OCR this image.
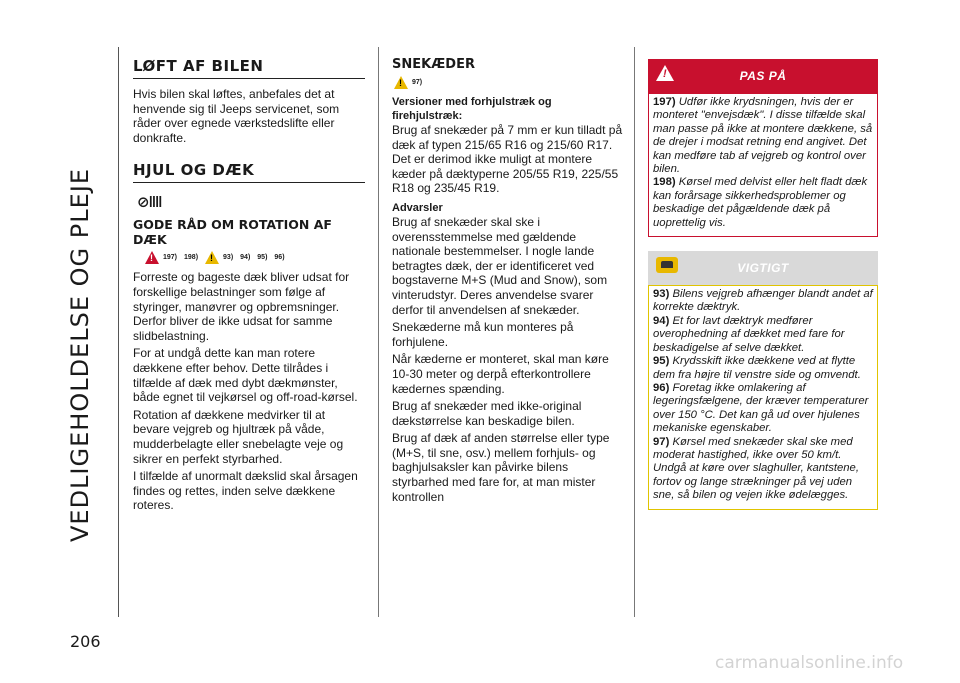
VEDLIGEHOLDELSE OG PLEJE
206
LØFT AF BILEN

Hvis bilen skal løftes, anbefales det at henvende sig til Jeeps servicenet, som råder over egnede værkstedslifte eller donkrafte.

HJUL OG DÆK
⊘ǁǁ
GODE RÅD OM ROTATION AF DÆK
!
197) 198)
!	93) 94) 95) 96)

Forreste og bageste dæk bliver udsat for forskellige belastninger som følge af styringer, manøvrer og opbremsninger. Derfor bliver de ikke udsat for samme slidbelastning.

For at undgå dette kan man rotere dækkene efter behov. Dette tilrådes i tilfælde af dæk med dybt dækmønster, både egnet til vejkørsel og off-road-kørsel.

Rotation af dækkene medvirker til at bevare vejgreb og hjultræk på våde, mudderbelagte eller snebelagte veje og sikrer en perfekt styrbarhed.

I tilfælde af unormalt dækslid skal årsagen findes og rettes, inden selve dækkene roteres.

SNEKÆDER
!
97)

Versioner med forhjulstræk og firehjulstræk:

Brug af snekæder på 7 mm er kun tilladt på dæk af typen 215/65 R16 og 215/60 R17. Det er derimod ikke muligt at montere kæder på dæktyperne 205/55 R19, 225/55 R18 og 235/45 R19.

Advarsler

Brug af snekæder skal ske i overensstemmelse med gældende nationale bestemmelser. I nogle lande betragtes dæk, der er identificeret ved bogstaverne M+S (Mud and Snow), som vinterudstyr. Deres anvendelse svarer derfor til anvendelsen af snekæder.

Snekæderne må kun monteres på forhjulene.

Når kæderne er monteret, skal man køre 10-30 meter og derpå efterkontrollere kædernes spænding.

Brug af snekæder med ikke-original dækstørrelse kan beskadige bilen.

Brug af dæk af anden størrelse eller type (M+S, til sne, osv.) mellem forhjuls- og baghjulsaksler kan påvirke bilens styrbarhed med fare for, at man mister kontrollen

!
PAS PÅ

197) Udfør ikke krydsningen, hvis der er monteret "envejsdæk". I disse tilfælde skal man passe på ikke at montere dækkene, så de drejer i modsat retning end angivet. Det kan medføre tab af vejgreb og kontrol over bilen.

198) Kørsel med delvist eller helt fladt dæk kan forårsage sikkerhedsproblemer og beskadige det pågældende dæk på uoprettelig vis.

VIGTIGT

93) Bilens vejgreb afhænger blandt andet af korrekte dæktryk.

94) Et for lavt dæktryk medfører overophedning af dækket med fare for beskadigelse af selve dækket.

95) Krydsskift ikke dækkene ved at flytte dem fra højre til venstre side og omvendt.

96) Foretag ikke omlakering af legeringsfælgene, der kræver temperaturer over 150 °C. Det kan gå ud over hjulenes mekaniske egenskaber.

97) Kørsel med snekæder skal ske med moderat hastighed, ikke over 50 km/t. Undgå at køre over slaghuller, kantstene, fortov og lange strækninger på vej uden sne, så bilen og vejen ikke ødelægges.

carmanualsonline.info
